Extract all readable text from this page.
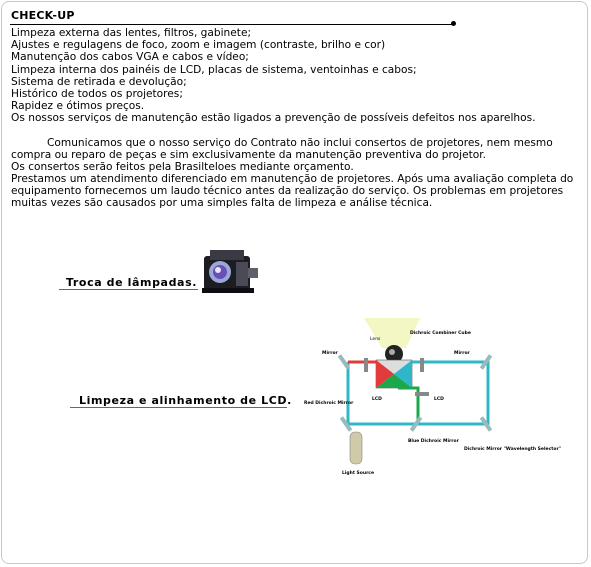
CHECK-UP
Limpeza externa das lentes, filtros, gabinete;
Ajustes e regulagens de foco, zoom e imagem (contraste, brilho e cor)
Manutenção dos cabos VGA e cabos e vídeo;
Limpeza interna dos painéis de LCD, placas de sistema, ventoinhas e cabos;
Sistema de retirada e devolução;
Histórico de todos os projetores;
Rapidez e ótimos preços.
Os nossos serviços de manutenção estão ligados a prevenção de possíveis defeitos nos aparelhos.

Comunicamos que o nosso serviço do Contrato não inclui consertos de projetores, nem mesmo compra ou reparo de peças e sim exclusivamente da manutenção preventiva do projetor.

Os consertos serão feitos pela Brasilteloes mediante orçamento.

Prestamos um atendimento diferenciado em manutenção de projetores. Após uma avaliação completa do equipamento fornecemos um laudo técnico antes da realização do serviço. Os problemas em projetores muitas vezes são causados por uma simples falta de limpeza e análise técnica.

Troca de lâmpadas.
Limpeza e alinhamento de LCD.
Lens
Dichroic Combiner Cube
Mirror	Mirror
LCD	LCD
Red Dichroic Mirror
Blue Dichroic Mirror
Dichroic Mirror "Wavelength Selector"
Light Source
